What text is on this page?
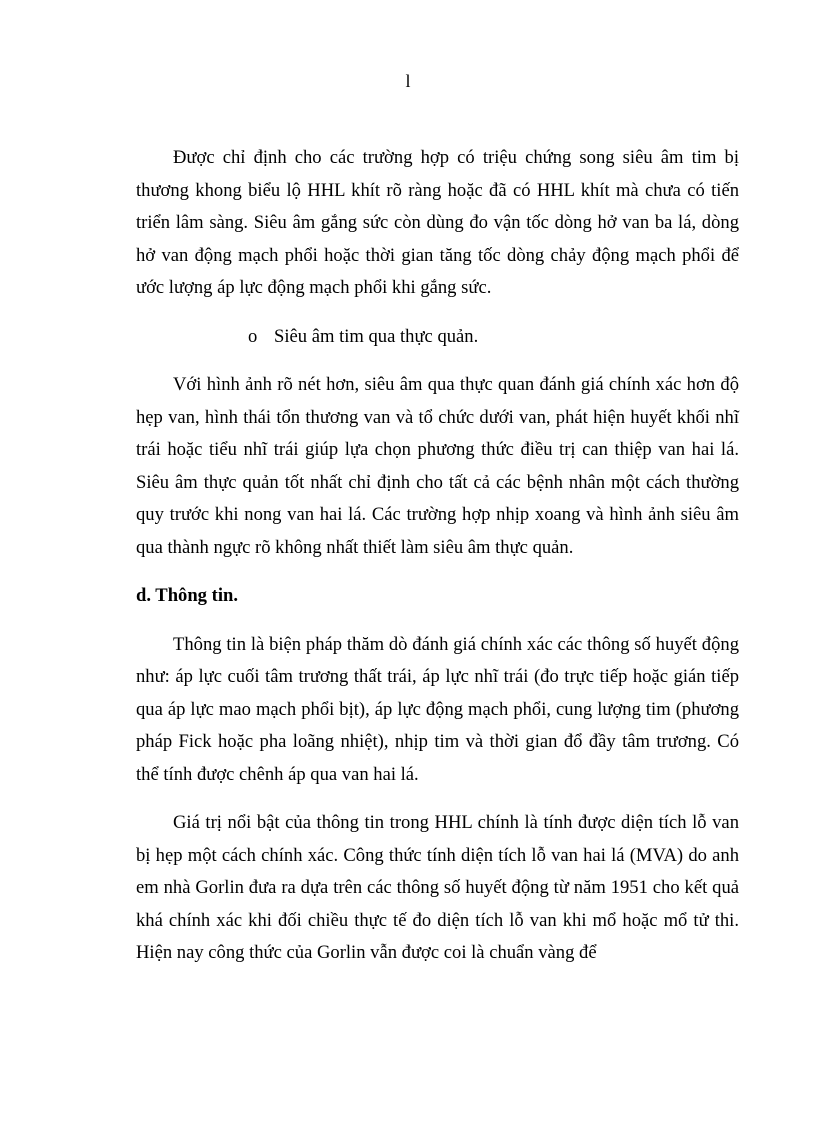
l

Được chỉ định cho các trường hợp có triệu chứng song siêu âm tim bị thương khong biểu lộ HHL khít rõ ràng hoặc đã có HHL khít mà chưa có tiến triển lâm sàng. Siêu âm gắng sức còn dùng đo vận tốc dòng hở van ba lá, dòng hở van động mạch phổi hoặc thời gian tăng tốc dòng chảy động mạch phổi để ước lượng áp lực động mạch phổi khi gắng sức.

o Siêu âm tim qua thực quản.

Với hình ảnh rõ nét hơn, siêu âm qua thực quan đánh giá chính xác hơn độ hẹp van, hình thái tổn thương van và tổ chức dưới van, phát hiện huyết khối nhĩ trái hoặc tiểu nhĩ trái giúp lựa chọn phương thức điều trị can thiệp van hai lá. Siêu âm thực quản tốt nhất chỉ định cho tất cả các bệnh nhân một cách thường quy trước khi nong van hai lá. Các trường hợp nhịp xoang và hình ảnh siêu âm qua thành ngực rõ không nhất thiết làm siêu âm thực quản.

d. Thông tin.

Thông tin là biện pháp thăm dò đánh giá chính xác các thông số huyết động như: áp lực cuối tâm trương thất trái, áp lực nhĩ trái (đo trực tiếp hoặc gián tiếp qua áp lực mao mạch phổi bịt), áp lực động mạch phổi, cung lượng tim (phương pháp Fick hoặc pha loãng nhiệt), nhịp tim và thời gian đổ đầy tâm trương. Có thể tính được chênh áp qua van hai lá.

Giá trị nổi bật của thông tin trong HHL chính là tính được diện tích lỗ van bị hẹp một cách chính xác. Công thức tính diện tích lỗ van hai lá (MVA) do anh em nhà Gorlin đưa ra dựa trên các thông số huyết động từ năm 1951 cho kết quả khá chính xác khi đối chiều thực tế đo diện tích lỗ van khi mổ hoặc mổ tử thi. Hiện nay công thức của Gorlin vẫn được coi là chuẩn vàng để
